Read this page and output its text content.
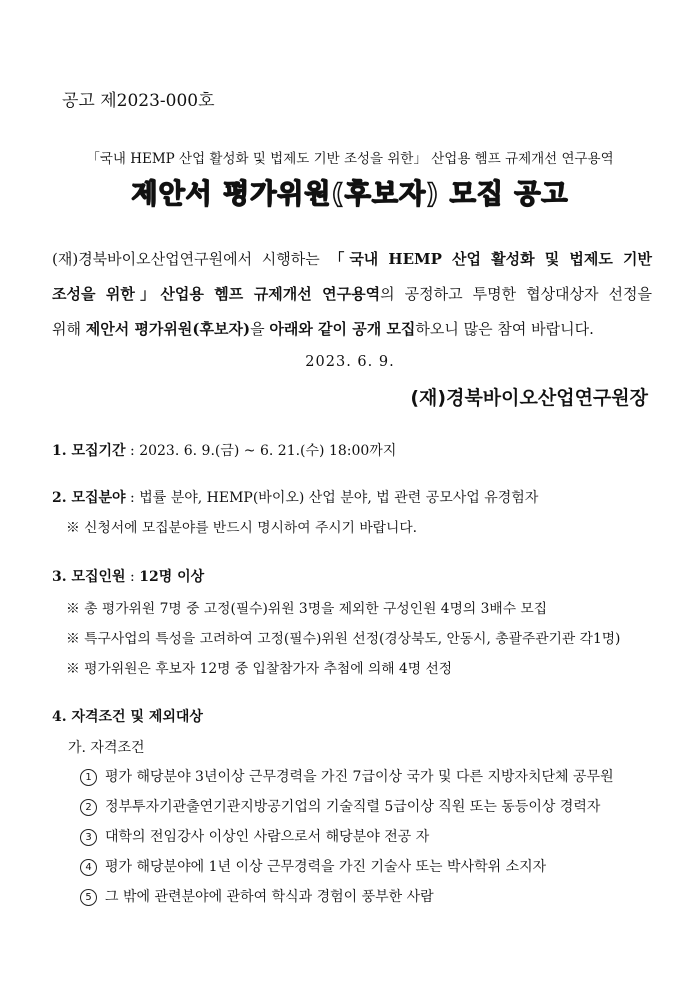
공고 제2023-000호
「국내 HEMP 산업 활성화 및 법제도 기반 조성을 위한」 산업용 헴프 규제개선 연구용역
제안서 평가위원(후보자) 모집 공고
(재)경북바이오산업연구원에서 시행하는 「국내 HEMP 산업 활성화 및 법제도 기반
조성을 위한」산업용 헴프 규제개선 연구용역의 공정하고 투명한 협상대상자 선정을
위해 제안서 평가위원(후보자)을 아래와 같이 공개 모집하오니 많은 참여 바랍니다.
2023. 6. 9.
(재)경북바이오산업연구원장
1. 모집기간 : 2023. 6. 9.(금) ~ 6. 21.(수) 18:00까지
2. 모집분야 : 법률 분야, HEMP(바이오) 산업 분야, 법 관련 공모사업 유경험자
※ 신청서에 모집분야를 반드시 명시하여 주시기 바랍니다.
3. 모집인원 : 12명 이상
※ 총 평가위원 7명 중 고정(필수)위원 3명을 제외한 구성인원 4명의 3배수 모집
※ 특구사업의 특성을 고려하여 고정(필수)위원 선정(경상북도, 안동시, 총괄주관기관 각1명)
※ 평가위원은 후보자 12명 중 입찰참가자 추첨에 의해 4명 선정
4. 자격조건 및 제외대상
가. 자격조건
1 평가 해당분야 3년이상 근무경력을 가진 7급이상 국가 및 다른 지방자치단체 공무원
2 정부투자기관출연기관지방공기업의 기술직렬 5급이상 직원 또는 동등이상 경력자
3 대학의 전임강사 이상인 사람으로서 해당분야 전공 자
4 평가 해당분야에 1년 이상 근무경력을 가진 기술사 또는 박사학위 소지자
5 그 밖에 관련분야에 관하여 학식과 경험이 풍부한 사람
